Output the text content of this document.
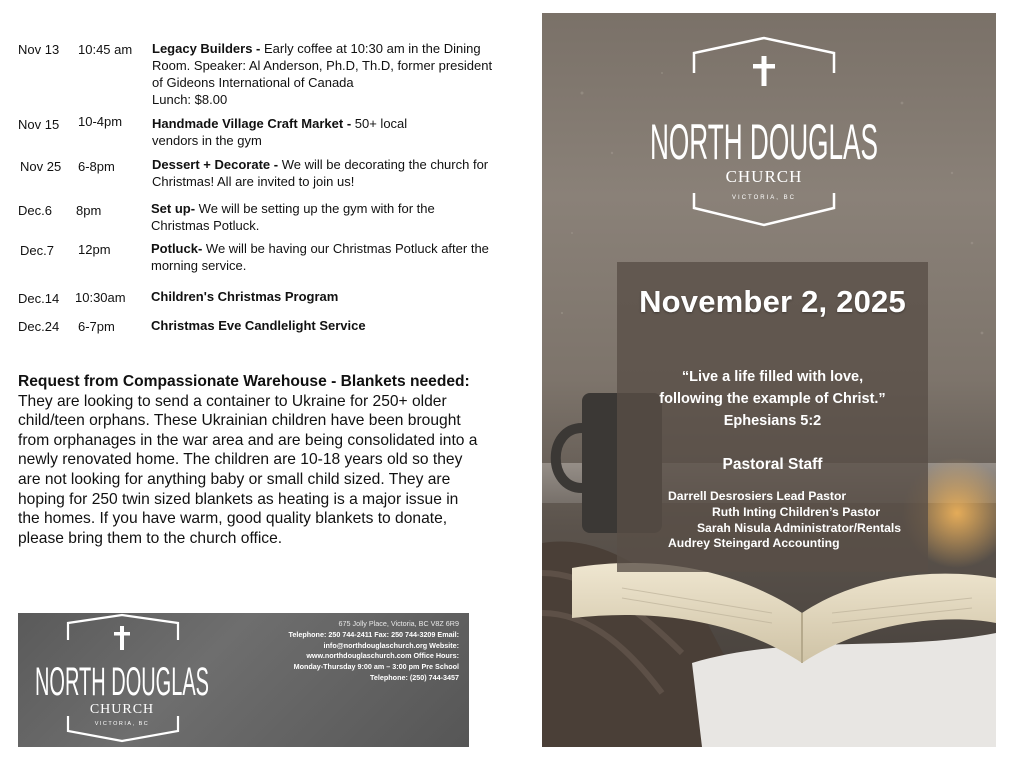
Nov 13	10:45 am	Legacy Builders - Early coffee at 10:30 am in the Dining Room. Speaker: Al Anderson, Ph.D, Th.D, former president of Gideons International of Canada
Lunch: $8.00
Nov 15	10-4pm	Handmade Village Craft Market - 50+ local vendors in the gym
Nov 25	6-8pm	Dessert + Decorate - We will be decorating the church for Christmas! All are invited to join us!
Dec.6	8pm	Set up- We will be setting up the gym with for the Christmas Potluck.
Dec.7	12pm	Potluck- We will be having our Christmas Potluck after the morning service.
Dec.14	10:30am	Children's Christmas Program
Dec.24	6-7pm	Christmas Eve Candlelight Service
Request from Compassionate Warehouse - Blankets needed: They are looking to send a container to Ukraine for 250+ older child/teen orphans. These Ukrainian children have been brought from orphanages in the war area and are being consolidated into a newly renovated home. The children are 10-18 years old so they are not looking for anything baby or small child sized. They are hoping for 250 twin sized blankets as heating is a major issue in the homes. If you have warm, good quality blankets to donate, please bring them to the church office.
NORTH DOUGLAS
CHURCH
VICTORIA, BC
675 Jolly Place, Victoria, BC V8Z 6R9
Telephone: 250 744-2411 Fax: 250 744-3209 Email:
info@northdouglaschurch.org Website:
www.northdouglaschurch.com Office Hours:
Monday-Thursday 9:00 am – 3:00 pm Pre School
Telephone: (250) 744-3457
NORTH DOUGLAS
CHURCH
VICTORIA, BC
November 2, 2025
“Live a life filled with love,
following the example of Christ.”
Ephesians 5:2
Pastoral Staff
Darrell Desrosiers Lead Pastor
Ruth Inting Children’s Pastor
Sarah Nisula Administrator/Rentals
Audrey Steingard Accounting
